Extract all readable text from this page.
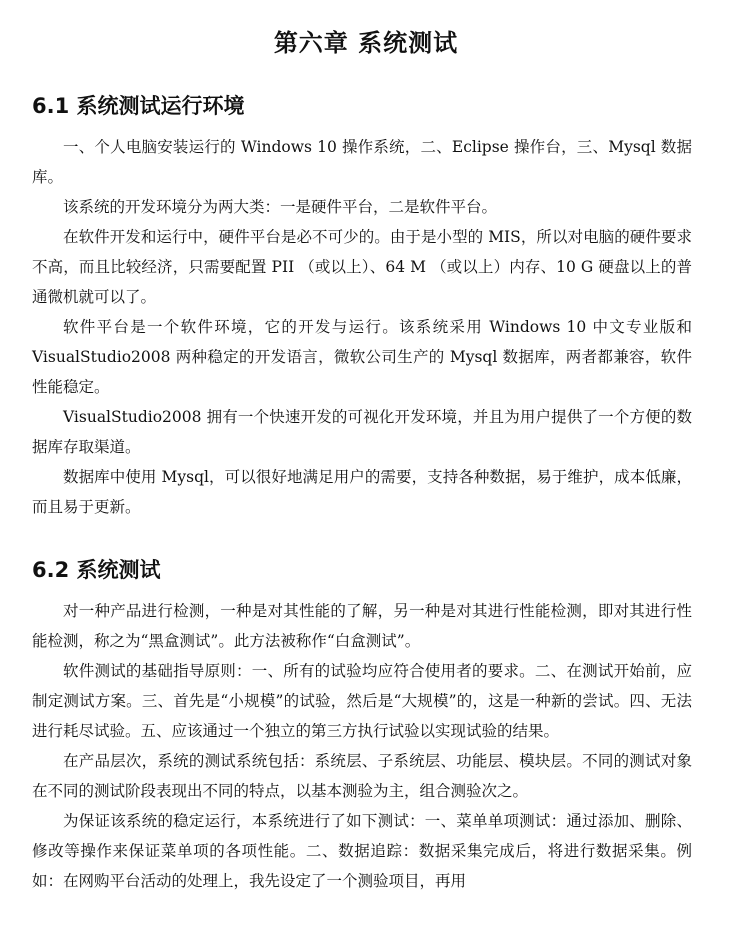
第六章 系统测试
6.1 系统测试运行环境

一、个人电脑安装运行的 Windows 10 操作系统，二、Eclipse 操作台，三、Mysql 数据库。

该系统的开发环境分为两大类：一是硬件平台，二是软件平台。

在软件开发和运行中，硬件平台是必不可少的。由于是小型的 MIS，所以对电脑的硬件要求不高，而且比较经济，只需要配置 PII （或以上）、64 M （或以上）内存、10 G 硬盘以上的普通微机就可以了。

软件平台是一个软件环境，它的开发与运行。该系统采用 Windows 10 中文专业版和 VisualStudio2008 两种稳定的开发语言，微软公司生产的 Mysql 数据库，两者都兼容，软件性能稳定。

VisualStudio2008 拥有一个快速开发的可视化开发环境，并且为用户提供了一个方便的数据库存取渠道。

数据库中使用 Mysql，可以很好地满足用户的需要，支持各种数据，易于维护，成本低廉，而且易于更新。

6.2 系统测试

对一种产品进行检测，一种是对其性能的了解，另一种是对其进行性能检测，即对其进行性能检测，称之为“黑盒测试”。此方法被称作“白盒测试”。

软件测试的基础指导原则：一、所有的试验均应符合使用者的要求。二、在测试开始前，应制定测试方案。三、首先是“小规模”的试验，然后是“大规模”的，这是一种新的尝试。四、无法进行耗尽试验。五、应该通过一个独立的第三方执行试验以实现试验的结果。

在产品层次，系统的测试系统包括：系统层、子系统层、功能层、模块层。不同的测试对象在不同的测试阶段表现出不同的特点，以基本测验为主，组合测验次之。

为保证该系统的稳定运行，本系统进行了如下测试：一、菜单单项测试：通过添加、删除、修改等操作来保证菜单项的各项性能。二、数据追踪：数据采集完成后，将进行数据采集。例如：在网购平台活动的处理上，我先设定了一个测验项目，再用
